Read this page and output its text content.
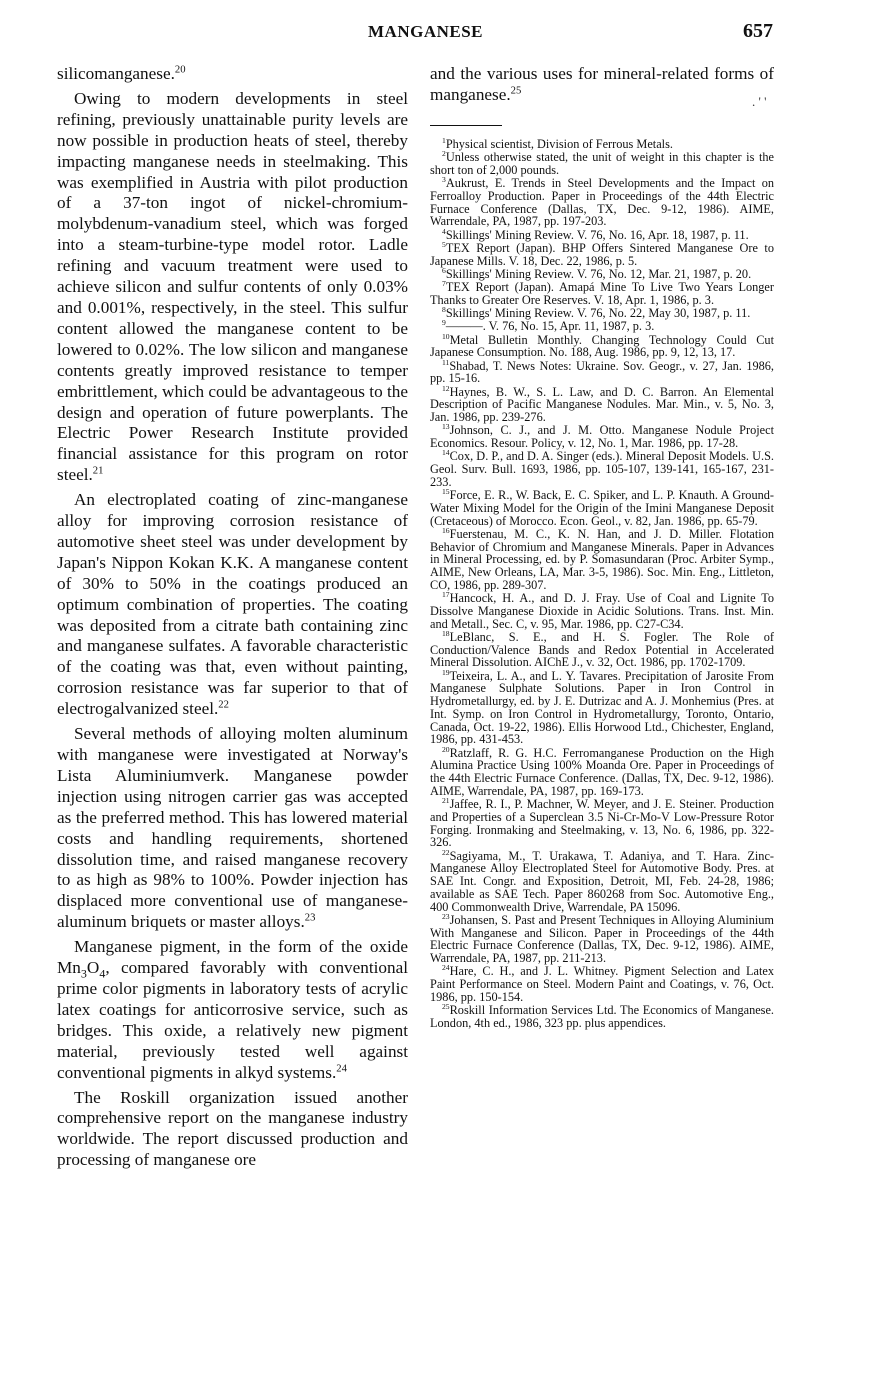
MANGANESE	657

silicomanganese.$^{20}$

Owing to modern developments in steel refining, previously unattainable purity levels are now possible in production heats of steel, thereby impacting manganese needs in steelmaking. This was exemplified in Austria with pilot production of a 37-ton ingot of nickel-chromium-molybdenum-vanadium steel, which was forged into a steam-turbine-type model rotor. Ladle refining and vacuum treatment were used to achieve silicon and sulfur contents of only 0.03% and 0.001%, respectively, in the steel. This sulfur content allowed the manganese content to be lowered to 0.02%. The low silicon and manganese contents greatly improved resistance to temper embrittlement, which could be advantageous to the design and operation of future powerplants. The Electric Power Research Institute provided financial assistance for this program on rotor steel.$^{21}$

An electroplated coating of zinc-manganese alloy for improving corrosion resistance of automotive sheet steel was under development by Japan's Nippon Kokan K.K. A manganese content of 30% to 50% in the coatings produced an optimum combination of properties. The coating was deposited from a citrate bath containing zinc and manganese sulfates. A favorable characteristic of the coating was that, even without painting, corrosion resistance was far superior to that of electrogalvanized steel.$^{22}$

Several methods of alloying molten aluminum with manganese were investigated at Norway's Lista Aluminiumverk. Manganese powder injection using nitrogen carrier gas was accepted as the preferred method. This has lowered material costs and handling requirements, shortened dissolution time, and raised manganese recovery to as high as 98% to 100%. Powder injection has displaced more conventional use of manganese-aluminum briquets or master alloys.$^{23}$

Manganese pigment, in the form of the oxide $Mn_3O_4$, compared favorably with conventional prime color pigments in laboratory tests of acrylic latex coatings for anticorrosive service, such as bridges. This oxide, a relatively new pigment material, previously tested well against conventional pigments in alkyd systems.$^{24}$

The Roskill organization issued another comprehensive report on the manganese industry worldwide. The report discussed production and processing of manganese ore

. ' '

and the various uses for mineral-related forms of manganese.$^{25}$

$^1$Physical scientist, Division of Ferrous Metals.

$^2$Unless otherwise stated, the unit of weight in this chapter is the short ton of 2,000 pounds.

$^3$Aukrust, E. Trends in Steel Developments and the Impact on Ferroalloy Production. Paper in Proceedings of the 44th Electric Furnace Conference (Dallas, TX, Dec. 9-12, 1986). AIME, Warrendale, PA, 1987, pp. 197-203.

$^4$Skillings' Mining Review. V. 76, No. 16, Apr. 18, 1987, p. 11.

$^5$TEX Report (Japan). BHP Offers Sintered Manganese Ore to Japanese Mills. V. 18, Dec. 22, 1986, p. 5.

$^6$Skillings' Mining Review. V. 76, No. 12, Mar. 21, 1987, p. 20.

$^7$TEX Report (Japan). Amapá Mine To Live Two Years Longer Thanks to Greater Ore Reserves. V. 18, Apr. 1, 1986, p. 3.

$^8$Skillings' Mining Review. V. 76, No. 22, May 30, 1987, p. 11.

$^9$———. V. 76, No. 15, Apr. 11, 1987, p. 3.

$^{10}$Metal Bulletin Monthly. Changing Technology Could Cut Japanese Consumption. No. 188, Aug. 1986, pp. 9, 12, 13, 17.

$^{11}$Shabad, T. News Notes: Ukraine. Sov. Geogr., v. 27, Jan. 1986, pp. 15-16.

$^{12}$Haynes, B. W., S. L. Law, and D. C. Barron. An Elemental Description of Pacific Manganese Nodules. Mar. Min., v. 5, No. 3, Jan. 1986, pp. 239-276.

$^{13}$Johnson, C. J., and J. M. Otto. Manganese Nodule Project Economics. Resour. Policy, v. 12, No. 1, Mar. 1986, pp. 17-28.

$^{14}$Cox, D. P., and D. A. Singer (eds.). Mineral Deposit Models. U.S. Geol. Surv. Bull. 1693, 1986, pp. 105-107, 139-141, 165-167, 231-233.

$^{15}$Force, E. R., W. Back, E. C. Spiker, and L. P. Knauth. A Ground-Water Mixing Model for the Origin of the Imini Manganese Deposit (Cretaceous) of Morocco. Econ. Geol., v. 82, Jan. 1986, pp. 65-79.

$^{16}$Fuerstenau, M. C., K. N. Han, and J. D. Miller. Flotation Behavior of Chromium and Manganese Minerals. Paper in Advances in Mineral Processing, ed. by P. Somasundaran (Proc. Arbiter Symp., AIME, New Orleans, LA, Mar. 3-5, 1986). Soc. Min. Eng., Littleton, CO, 1986, pp. 289-307.

$^{17}$Hancock, H. A., and D. J. Fray. Use of Coal and Lignite To Dissolve Manganese Dioxide in Acidic Solutions. Trans. Inst. Min. and Metall., Sec. C, v. 95, Mar. 1986, pp. C27-C34.

$^{18}$LeBlanc, S. E., and H. S. Fogler. The Role of Conduction/Valence Bands and Redox Potential in Accelerated Mineral Dissolution. AIChE J., v. 32, Oct. 1986, pp. 1702-1709.

$^{19}$Teixeira, L. A., and L. Y. Tavares. Precipitation of Jarosite From Manganese Sulphate Solutions. Paper in Iron Control in Hydrometallurgy, ed. by J. E. Dutrizac and A. J. Monhemius (Pres. at Int. Symp. on Iron Control in Hydrometallurgy, Toronto, Ontario, Canada, Oct. 19-22, 1986). Ellis Horwood Ltd., Chichester, England, 1986, pp. 431-453.

$^{20}$Ratzlaff, R. G. H.C. Ferromanganese Production on the High Alumina Practice Using 100% Moanda Ore. Paper in Proceedings of the 44th Electric Furnace Conference. (Dallas, TX, Dec. 9-12, 1986). AIME, Warrendale, PA, 1987, pp. 169-173.

$^{21}$Jaffee, R. I., P. Machner, W. Meyer, and J. E. Steiner. Production and Properties of a Superclean 3.5 Ni-Cr-Mo-V Low-Pressure Rotor Forging. Ironmaking and Steelmaking, v. 13, No. 6, 1986, pp. 322-326.

$^{22}$Sagiyama, M., T. Urakawa, T. Adaniya, and T. Hara. Zinc-Manganese Alloy Electroplated Steel for Automotive Body. Pres. at SAE Int. Congr. and Exposition, Detroit, MI, Feb. 24-28, 1986; available as SAE Tech. Paper 860268 from Soc. Automotive Eng., 400 Commonwealth Drive, Warrendale, PA 15096.

$^{23}$Johansen, S. Past and Present Techniques in Alloying Aluminium With Manganese and Silicon. Paper in Proceedings of the 44th Electric Furnace Conference (Dallas, TX, Dec. 9-12, 1986). AIME, Warrendale, PA, 1987, pp. 211-213.

$^{24}$Hare, C. H., and J. L. Whitney. Pigment Selection and Latex Paint Performance on Steel. Modern Paint and Coatings, v. 76, Oct. 1986, pp. 150-154.

$^{25}$Roskill Information Services Ltd. The Economics of Manganese. London, 4th ed., 1986, 323 pp. plus appendices.
